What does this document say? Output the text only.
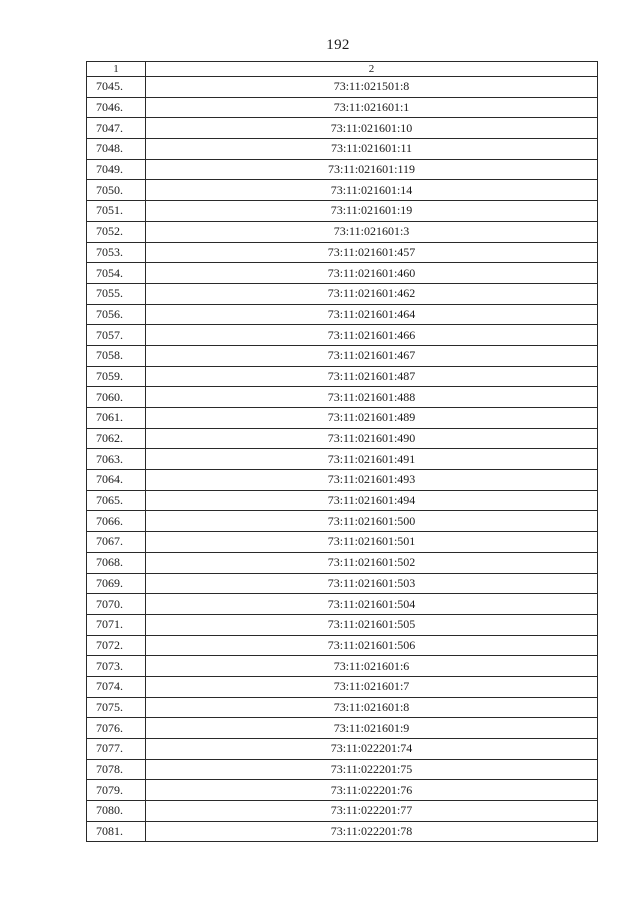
192
1	2
7045.	73:11:021501:8
7046.	73:11:021601:1
7047.	73:11:021601:10
7048.	73:11:021601:11
7049.	73:11:021601:119
7050.	73:11:021601:14
7051.	73:11:021601:19
7052.	73:11:021601:3
7053.	73:11:021601:457
7054.	73:11:021601:460
7055.	73:11:021601:462
7056.	73:11:021601:464
7057.	73:11:021601:466
7058.	73:11:021601:467
7059.	73:11:021601:487
7060.	73:11:021601:488
7061.	73:11:021601:489
7062.	73:11:021601:490
7063.	73:11:021601:491
7064.	73:11:021601:493
7065.	73:11:021601:494
7066.	73:11:021601:500
7067.	73:11:021601:501
7068.	73:11:021601:502
7069.	73:11:021601:503
7070.	73:11:021601:504
7071.	73:11:021601:505
7072.	73:11:021601:506
7073.	73:11:021601:6
7074.	73:11:021601:7
7075.	73:11:021601:8
7076.	73:11:021601:9
7077.	73:11:022201:74
7078.	73:11:022201:75
7079.	73:11:022201:76
7080.	73:11:022201:77
7081.	73:11:022201:78
